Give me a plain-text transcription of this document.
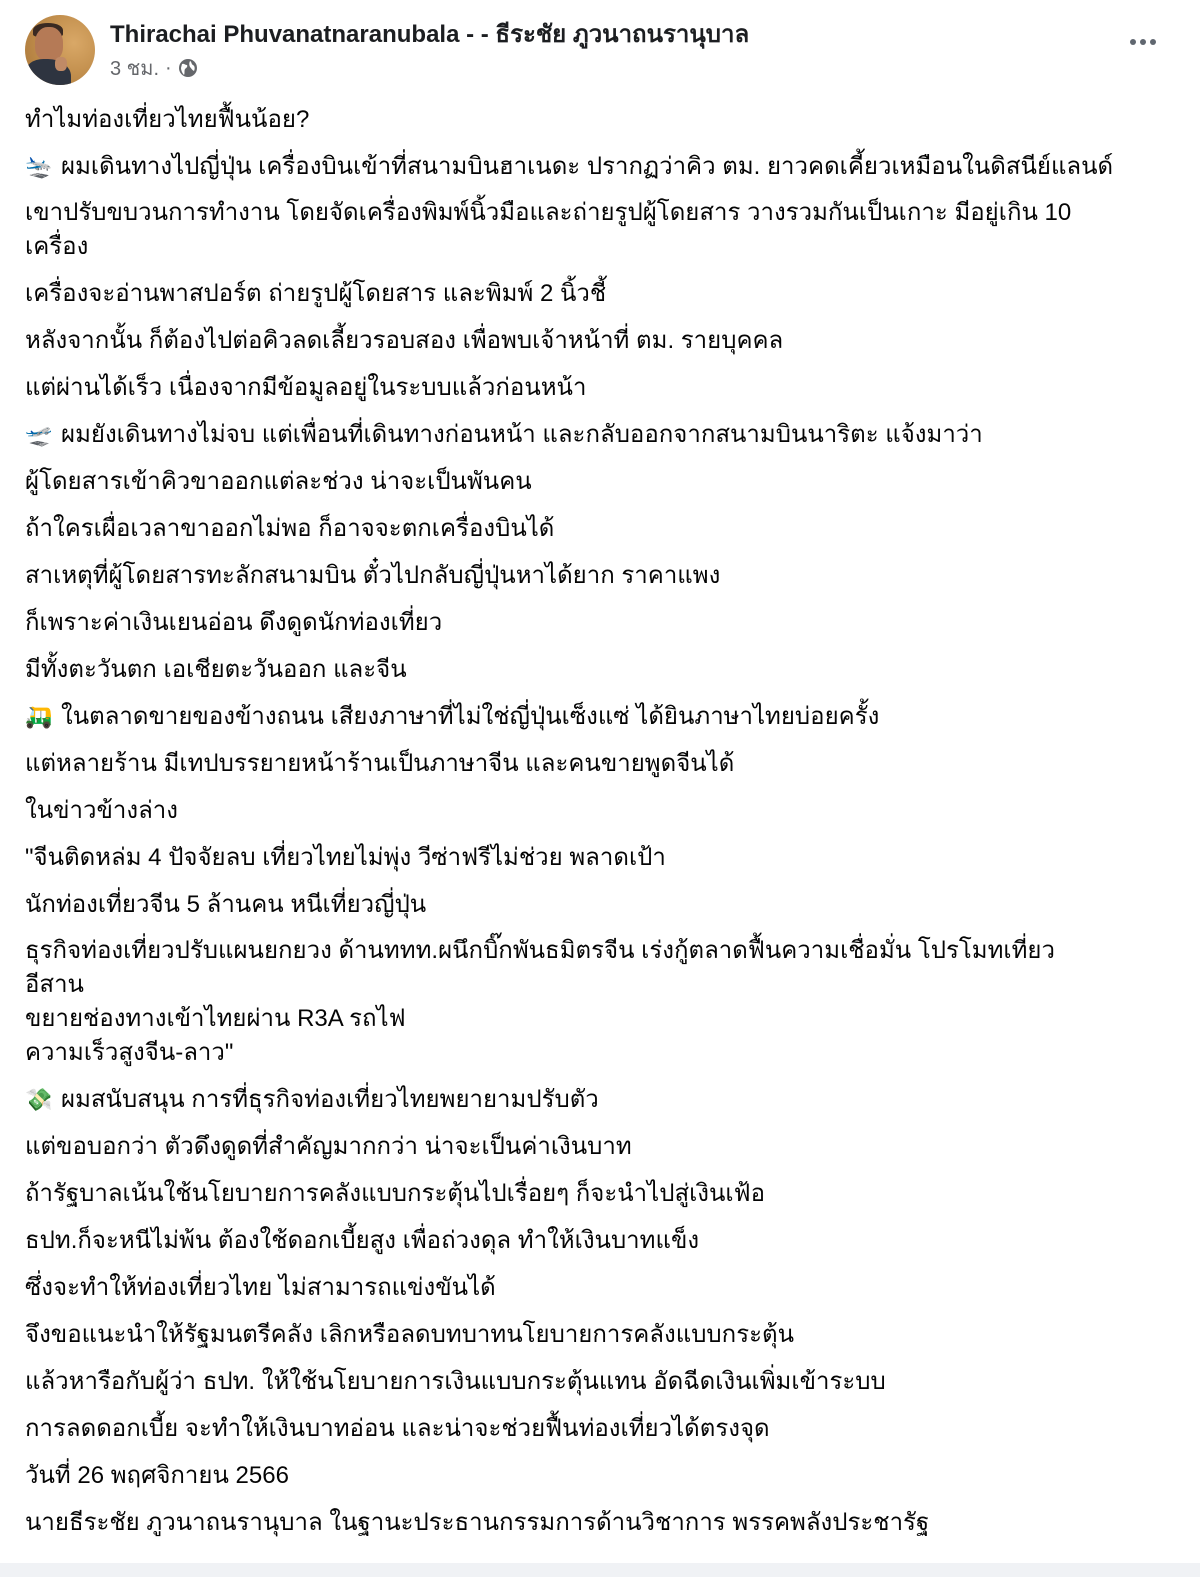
Thirachai Phuvanatnaranubala - - ธีระชัย ภูวนาถนรานุบาล
3 ชม. ·
ทำไมท่องเที่ยวไทยฟื้นน้อย?
🛬 ผมเดินทางไปญี่ปุ่น เครื่องบินเข้าที่สนามบินฮาเนดะ ปรากฏว่าคิว ตม. ยาวคดเคี้ยวเหมือนในดิสนีย์แลนด์
เขาปรับขบวนการทำงาน โดยจัดเครื่องพิมพ์นิ้วมือและถ่ายรูปผู้โดยสาร วางรวมกันเป็นเกาะ มีอยู่เกิน 10
เครื่อง
เครื่องจะอ่านพาสปอร์ต ถ่ายรูปผู้โดยสาร และพิมพ์ 2 นิ้วชี้
หลังจากนั้น ก็ต้องไปต่อคิวลดเลี้ยวรอบสอง เพื่อพบเจ้าหน้าที่ ตม. รายบุคคล
แต่ผ่านได้เร็ว เนื่องจากมีข้อมูลอยู่ในระบบแล้วก่อนหน้า
🛫 ผมยังเดินทางไม่จบ แต่เพื่อนที่เดินทางก่อนหน้า และกลับออกจากสนามบินนาริตะ แจ้งมาว่า
ผู้โดยสารเข้าคิวขาออกแต่ละช่วง น่าจะเป็นพันคน
ถ้าใครเผื่อเวลาขาออกไม่พอ ก็อาจจะตกเครื่องบินได้
สาเหตุที่ผู้โดยสารทะลักสนามบิน ตั๋วไปกลับญี่ปุ่นหาได้ยาก ราคาแพง
ก็เพราะค่าเงินเยนอ่อน ดึงดูดนักท่องเที่ยว
มีทั้งตะวันตก เอเชียตะวันออก และจีน
🛺 ในตลาดขายของข้างถนน เสียงภาษาที่ไม่ใช่ญี่ปุ่นเซ็งแซ่ ได้ยินภาษาไทยบ่อยครั้ง
แต่หลายร้าน มีเทปบรรยายหน้าร้านเป็นภาษาจีน และคนขายพูดจีนได้
ในข่าวข้างล่าง
"จีนติดหล่ม 4 ปัจจัยลบ เที่ยวไทยไม่พุ่ง วีซ่าฟรีไม่ช่วย พลาดเป้า
นักท่องเที่ยวจีน 5 ล้านคน หนีเที่ยวญี่ปุ่น
ธุรกิจท่องเที่ยวปรับแผนยกยวง ด้านททท.ผนึกบิ๊กพันธมิตรจีน เร่งกู้ตลาดฟื้นความเชื่อมั่น โปรโมทเที่ยว
อีสาน
ขยายช่องทางเข้าไทยผ่าน R3A รถไฟ
ความเร็วสูงจีน-ลาว"
💸 ผมสนับสนุน การที่ธุรกิจท่องเที่ยวไทยพยายามปรับตัว
แต่ขอบอกว่า ตัวดึงดูดที่สำคัญมากกว่า น่าจะเป็นค่าเงินบาท
ถ้ารัฐบาลเน้นใช้นโยบายการคลังแบบกระตุ้นไปเรื่อยๆ ก็จะนำไปสู่เงินเฟ้อ
ธปท.ก็จะหนีไม่พ้น ต้องใช้ดอกเบี้ยสูง เพื่อถ่วงดุล ทำให้เงินบาทแข็ง
ซึ่งจะทำให้ท่องเที่ยวไทย ไม่สามารถแข่งขันได้
จึงขอแนะนำให้รัฐมนตรีคลัง เลิกหรือลดบทบาทนโยบายการคลังแบบกระตุ้น
แล้วหารือกับผู้ว่า ธปท. ให้ใช้นโยบายการเงินแบบกระตุ้นแทน อัดฉีดเงินเพิ่มเข้าระบบ
การลดดอกเบี้ย จะทำให้เงินบาทอ่อน และน่าจะช่วยฟื้นท่องเที่ยวได้ตรงจุด
วันที่ 26 พฤศจิกายน 2566
นายธีระชัย ภูวนาถนรานุบาล ในฐานะประธานกรรมการด้านวิชาการ พรรคพลังประชารัฐ
